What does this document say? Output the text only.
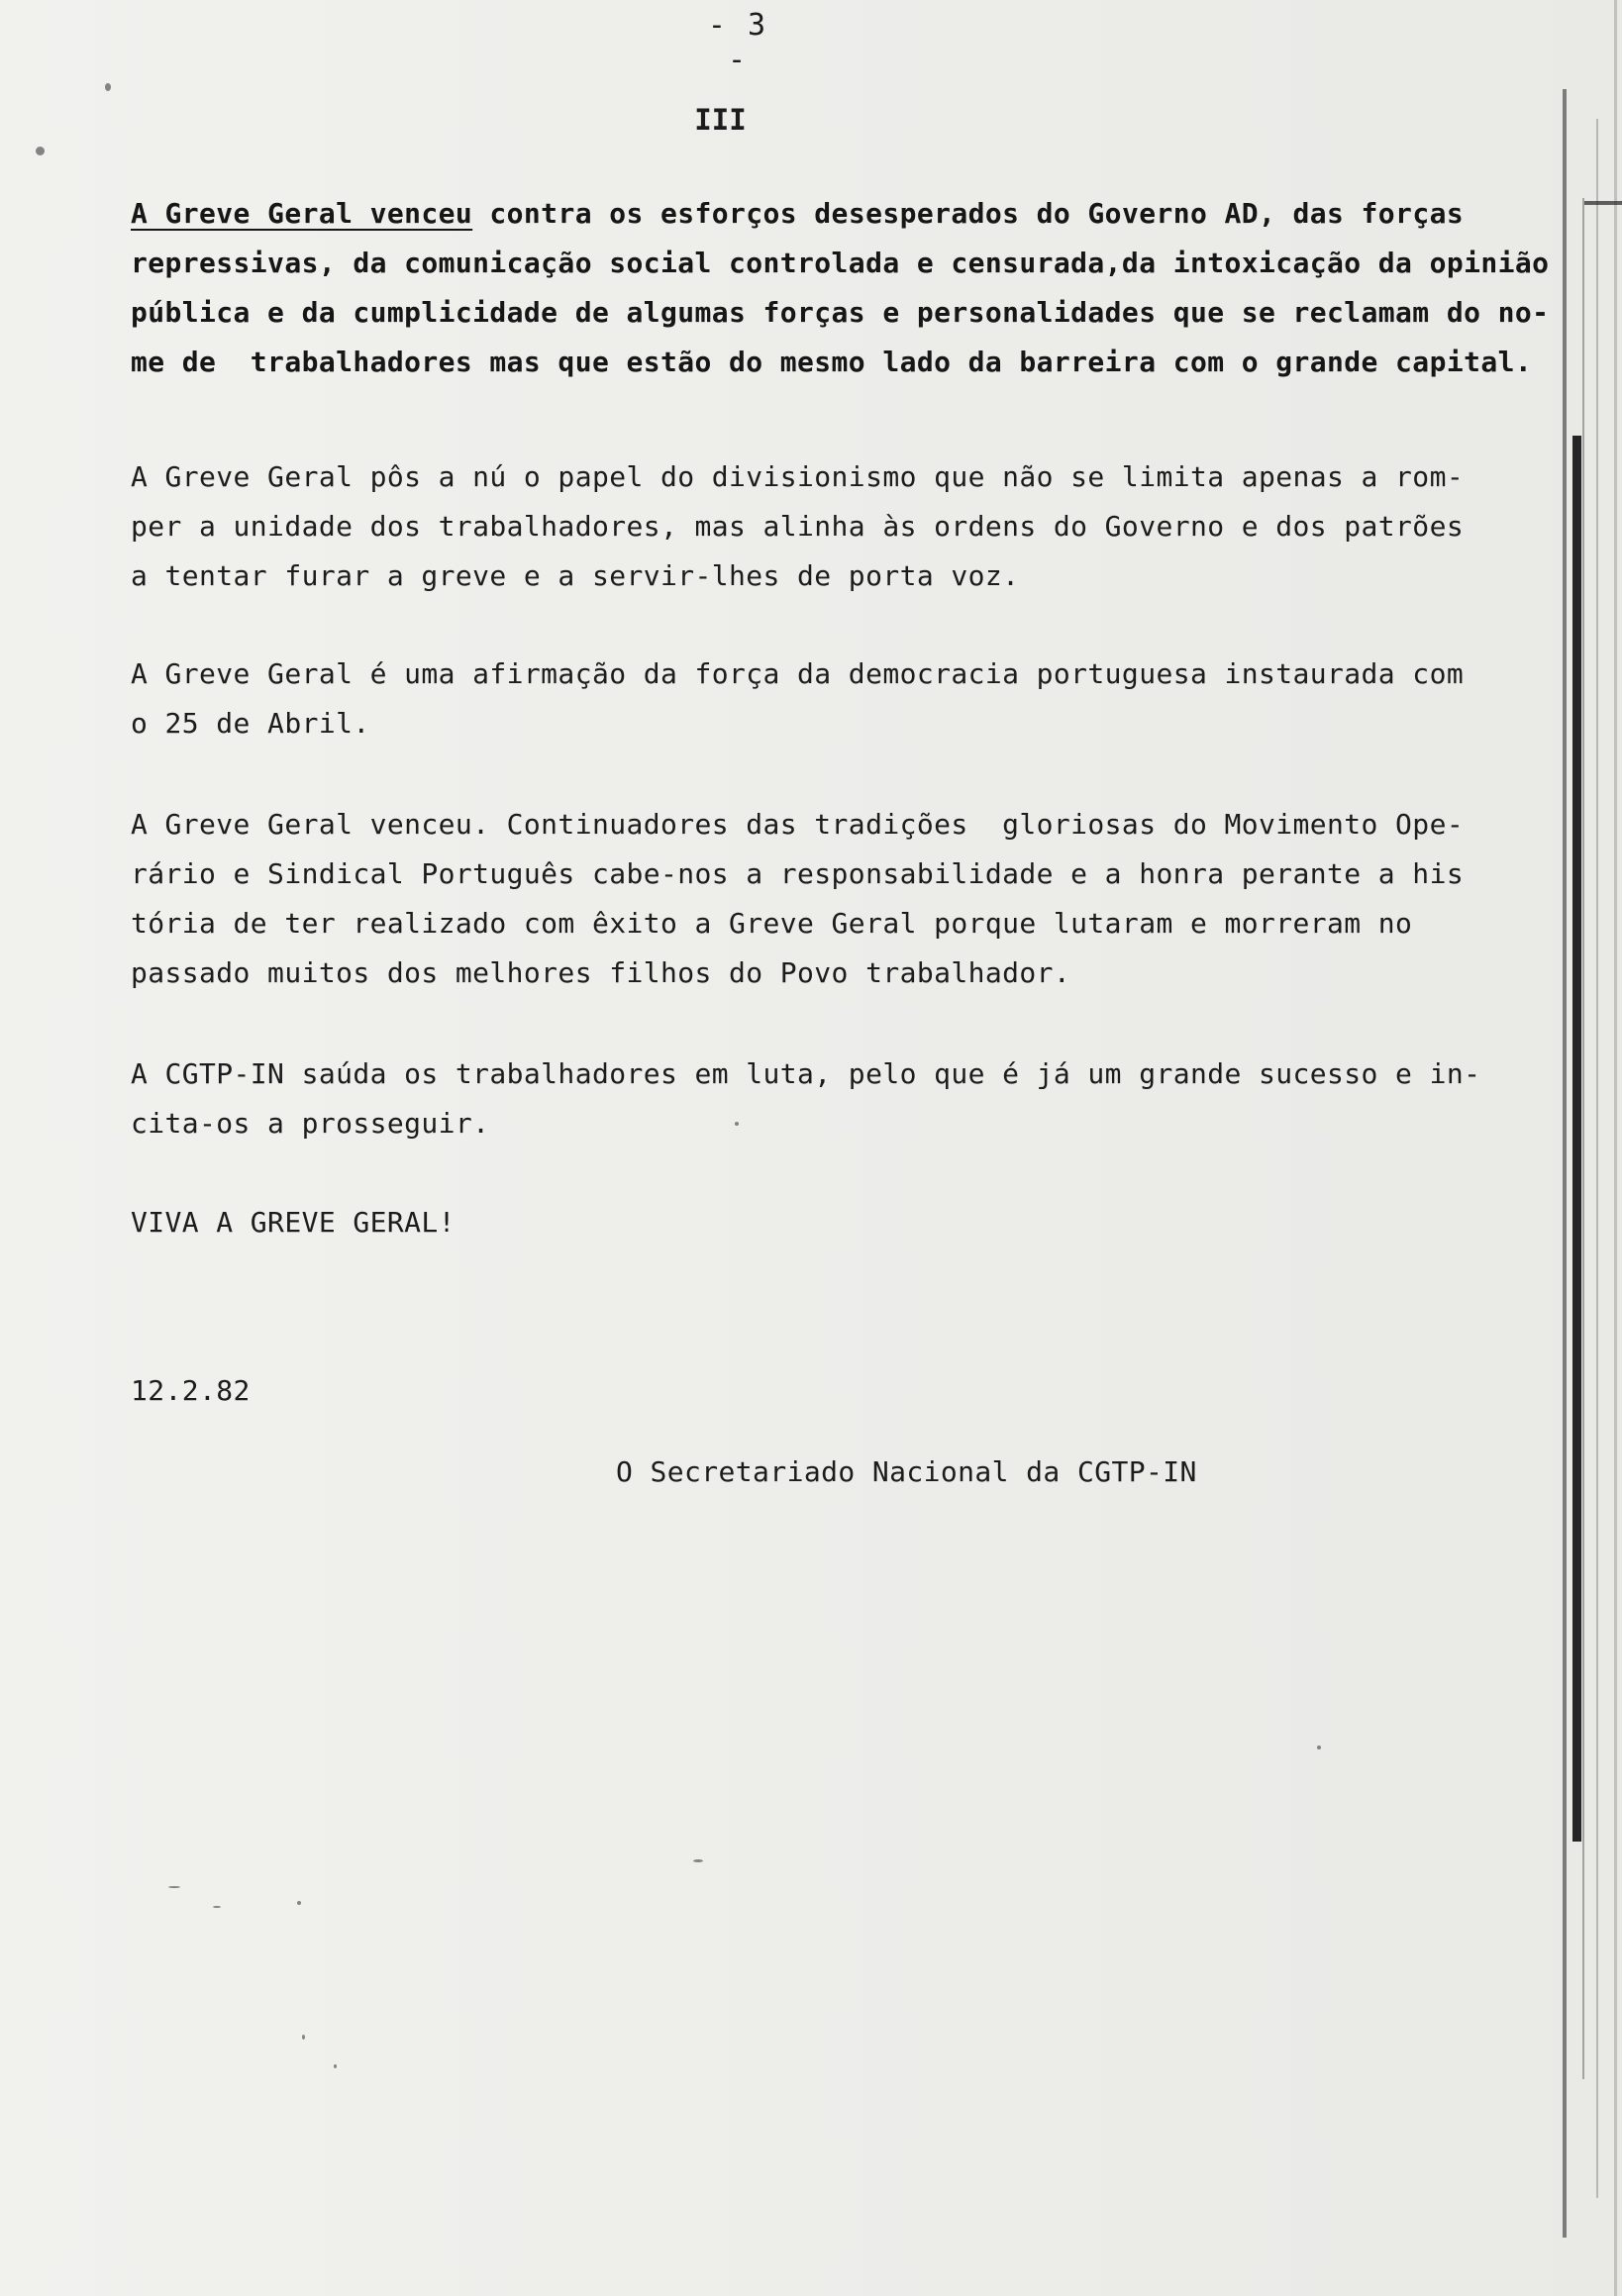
- 3 -
III
A Greve Geral venceu contra os esforços desesperados do Governo AD, das forças
repressivas, da comunicação social controlada e censurada,da intoxicação da opinião
pública e da cumplicidade de algumas forças e personalidades que se reclamam do no-
me de  trabalhadores mas que estão do mesmo lado da barreira com o grande capital.
A Greve Geral pôs a nú o papel do divisionismo que não se limita apenas a rom-
per a unidade dos trabalhadores, mas alinha às ordens do Governo e dos patrões
a tentar furar a greve e a servir-lhes de porta voz.
A Greve Geral é uma afirmação da força da democracia portuguesa instaurada com
o 25 de Abril.
A Greve Geral venceu. Continuadores das tradições  gloriosas do Movimento Ope-
rário e Sindical Português cabe-nos a responsabilidade e a honra perante a his
tória de ter realizado com êxito a Greve Geral porque lutaram e morreram no
passado muitos dos melhores filhos do Povo trabalhador.
A CGTP-IN saúda os trabalhadores em luta, pelo que é já um grande sucesso e in-
cita-os a prosseguir.
VIVA A GREVE GERAL!
12.2.82
O Secretariado Nacional da CGTP-IN
